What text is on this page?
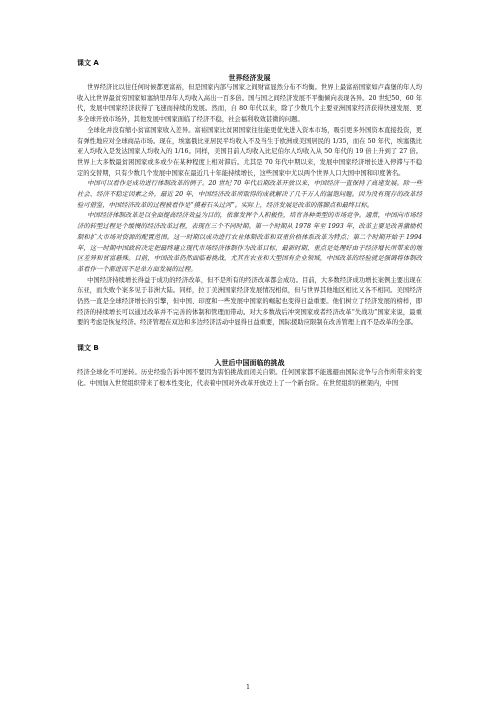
课文 A
世界经济发展

世界经济比以往任何时候都更富裕，但是国家内部与国家之间财富显然分布不均衡。世界上最富裕国家如卢森堡的年人均收入比世界最贫穷国家如塞纳里昂年人均收入高出一百多倍。国与国之间经济发展不平衡倾向表现各异。20 世纪50、60 年代，发展中国家经济获得了飞速而持续的发展。然而，自 80 年代以来，除了少数几个主要亚洲国家经济获得快速发展、更多全球开放市场外，其他发展中国家面临了经济不稳，社会福利收效甚微的问题。

全球化并没有缩小贫富国家收入差异。富裕国家比贫困国家往往能更优先进入资本市场，吸引更多外国资本直接投资，更有弹性地应对全球商品市场。现在，埃塞俄比亚居民平均收入不及当生于欧洲或美国居民的 1/35，而在 50 年代，埃塞俄比亚人均收入是发达国家人均收入的 1/16。同样，美国目前人均收入比尼伯尔人均收入从 50 年代的 19 倍上升到了 27 倍。世界上大多数最贫困国家或多或少在某种程度上相对滞后。尤其是 70 年代中期以来，发展中国家经济增长进入停滞与不稳定的交替期，只有少数几个发展中国家在最近几十年能持续增长，这些国家中尤以两个世界人口大国中国和印度著名。

中国可以看作是成功进行体制改革的例子。20 世纪 70 年代后期改革开放以来，中国经济一直保持了高速发展。除一些社会、经济不稳定因素之外，最近 20 年，中国经济改革所取得的成就解决了几千万人的温饱问题。因为没有现存的改革经验可借鉴，中国经济改革的过程被看作是“摸着石头过河”。实际上，经济发展是改革的落脚点和最终目标。

中国经济体制改革是以全面提高经济效益为目的，依靠发挥个人积极性，培育各种类型的市场竞争。通常，中国向市场经济的转型过程是个缓慢的经济改革过程，表现在三个不同时期。第一个时期从 1978 年至 1993 年，改革主要是改善激励机制和扩大市场对资源的配置范围。这一时期以成功进行农业体制改革和双重价格体系改革为特点；第二个时期开始于 1994 年，这一时期中国政府决定把最终建立现代市场经济体制作为改革目标，最新时期，重点是处理好由于经济增长所带来的地区差异和贫富悬殊。目前，中国改革仍然面临着挑战，尤其在农业和大型国有企业领域，中国改革的经验就是强调将体制改革看作一个渐进而不是单方面发展的过程。

中国经济持续增长得益于成功的经济改革，但不是所有的经济改革都会成功。目前，大多数经济成功增长案例主要出现在东亚，而失败个案多见于非洲大陆。同样，拉丁美洲国家经济发展情况相似，但与世界其他地区相比又各不相同。美国经济仍然一直是全球经济增长的引擎，但中国、印度和一些发展中国家的崛起也变得日益重要。他们树立了经济发展的榜样，即经济的持续增长可以通过改革并不完善的体制和管理而带动。对大多数战后冲突国家或者经济改革“失战功”国家来说，最重要的考虑是恢复经济。经济管理在双边和多边经济活动中显得日益重要，国际援助应限制在改善管理上而不是改革的全部。

课文 B
入世后中国面临的挑战

经济全球化不可逆转。历史经验告诉中国不要因为害怕挑战而闭关自锁。任何国家都不能逃避由国际竞争与合作所带来的变化。中国加入世贸组织带来了根本性变化，代表着中国对外改革开放迈上了一个新台阶。在世贸组织的框架内，中国

1
